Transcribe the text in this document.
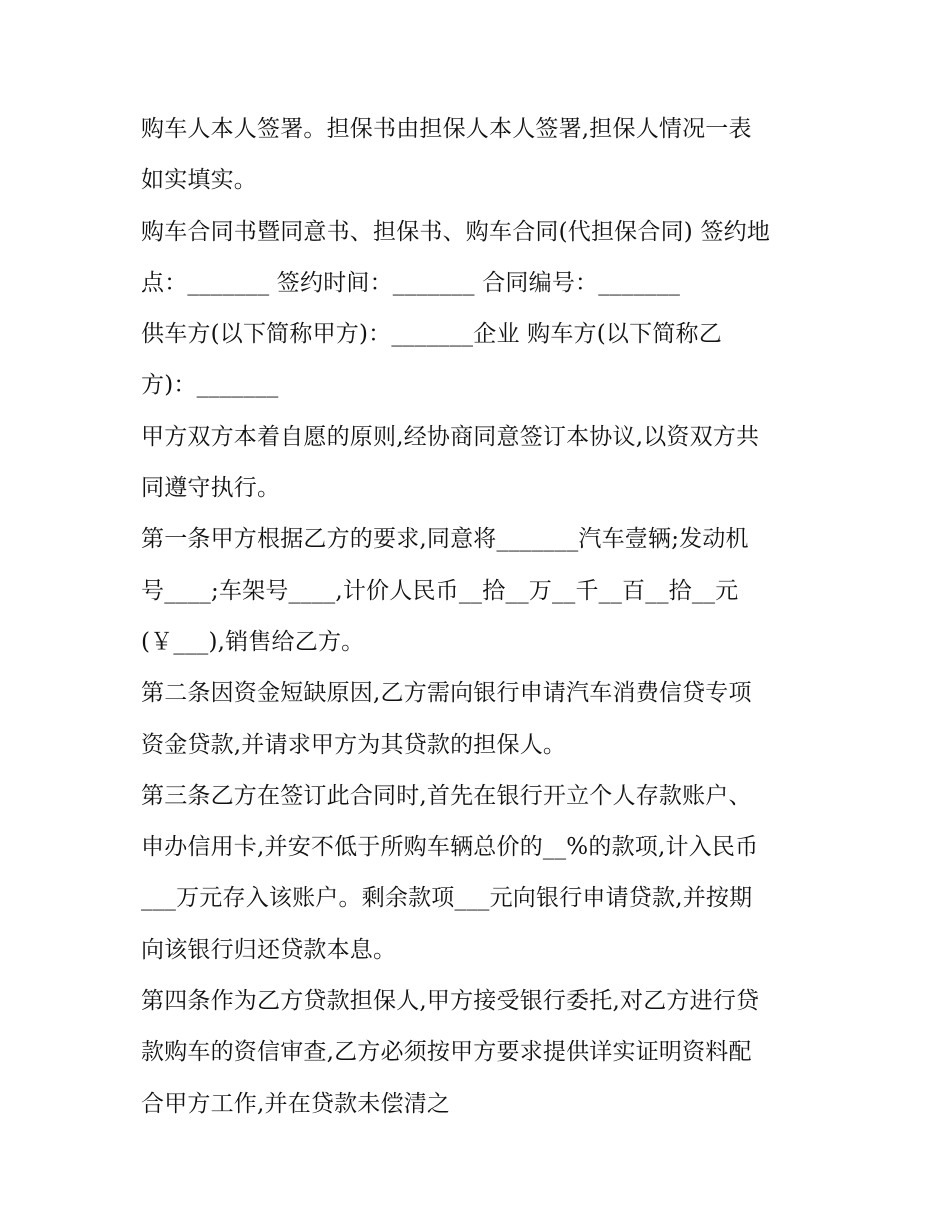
购车人本人签署。担保书由担保人本人签署,担保人情况一表
如实填实。
购车合同书暨同意书、担保书、购车合同(代担保合同) 签约地
点：_______ 签约时间：_______ 合同编号：_______
供车方(以下简称甲方)：_______企业 购车方(以下简称乙
方)：_______
甲方双方本着自愿的原则,经协商同意签订本协议,以资双方共
同遵守执行。
第一条甲方根据乙方的要求,同意将_______汽车壹辆;发动机
号____;车架号____,计价人民币__拾__万__千__百__拾__元
(￥___),销售给乙方。
第二条因资金短缺原因,乙方需向银行申请汽车消费信贷专项
资金贷款,并请求甲方为其贷款的担保人。
第三条乙方在签订此合同时,首先在银行开立个人存款账户、
申办信用卡,并安不低于所购车辆总价的__%的款项,计入民币
___万元存入该账户。剩余款项___元向银行申请贷款,并按期
向该银行归还贷款本息。
第四条作为乙方贷款担保人,甲方接受银行委托,对乙方进行贷
款购车的资信审查,乙方必须按甲方要求提供详实证明资料配
合甲方工作,并在贷款未偿清之
